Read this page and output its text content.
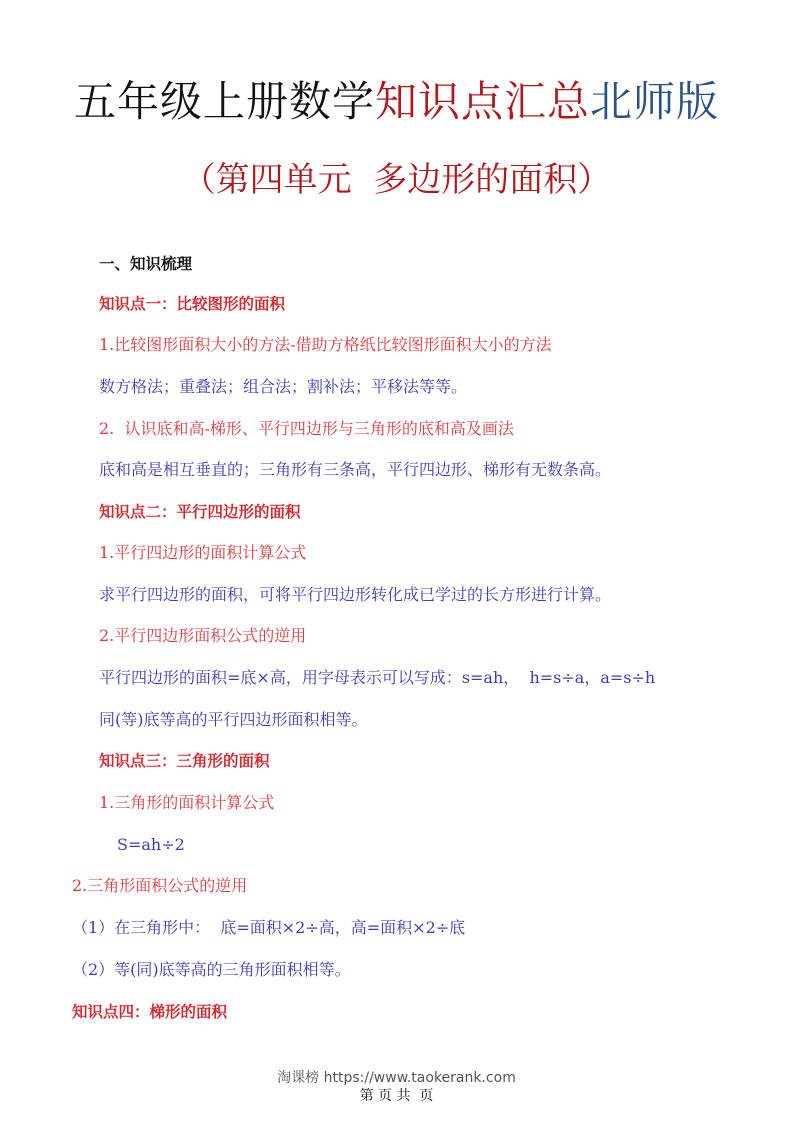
五年级上册数学知识点汇总北师版
（第四单元  多边形的面积）
一、知识梳理
知识点一：比较图形的面积
1.比较图形面积大小的方法-借助方格纸比较图形面积大小的方法
数方格法；重叠法；组合法；割补法；平移法等等。
2.  认识底和高-梯形、平行四边形与三角形的底和高及画法
底和高是相互垂直的；三角形有三条高，平行四边形、梯形有无数条高。
知识点二：平行四边形的面积
1.平行四边形的面积计算公式
求平行四边形的面积，可将平行四边形转化成已学过的长方形进行计算。
2.平行四边形面积公式的逆用
平行四边形的面积=底×高，用字母表示可以写成：s=ah，  h=s÷a，a=s÷h
同(等)底等高的平行四边形面积相等。
知识点三：三角形的面积
1.三角形的面积计算公式
S=ah÷2
2.三角形面积公式的逆用
（1）在三角形中：  底=面积×2÷高，高=面积×2÷底
（2）等(同)底等高的三角形面积相等。
知识点四：梯形的面积
淘课榜 https://www.taokerank.com
第 页 共  页
